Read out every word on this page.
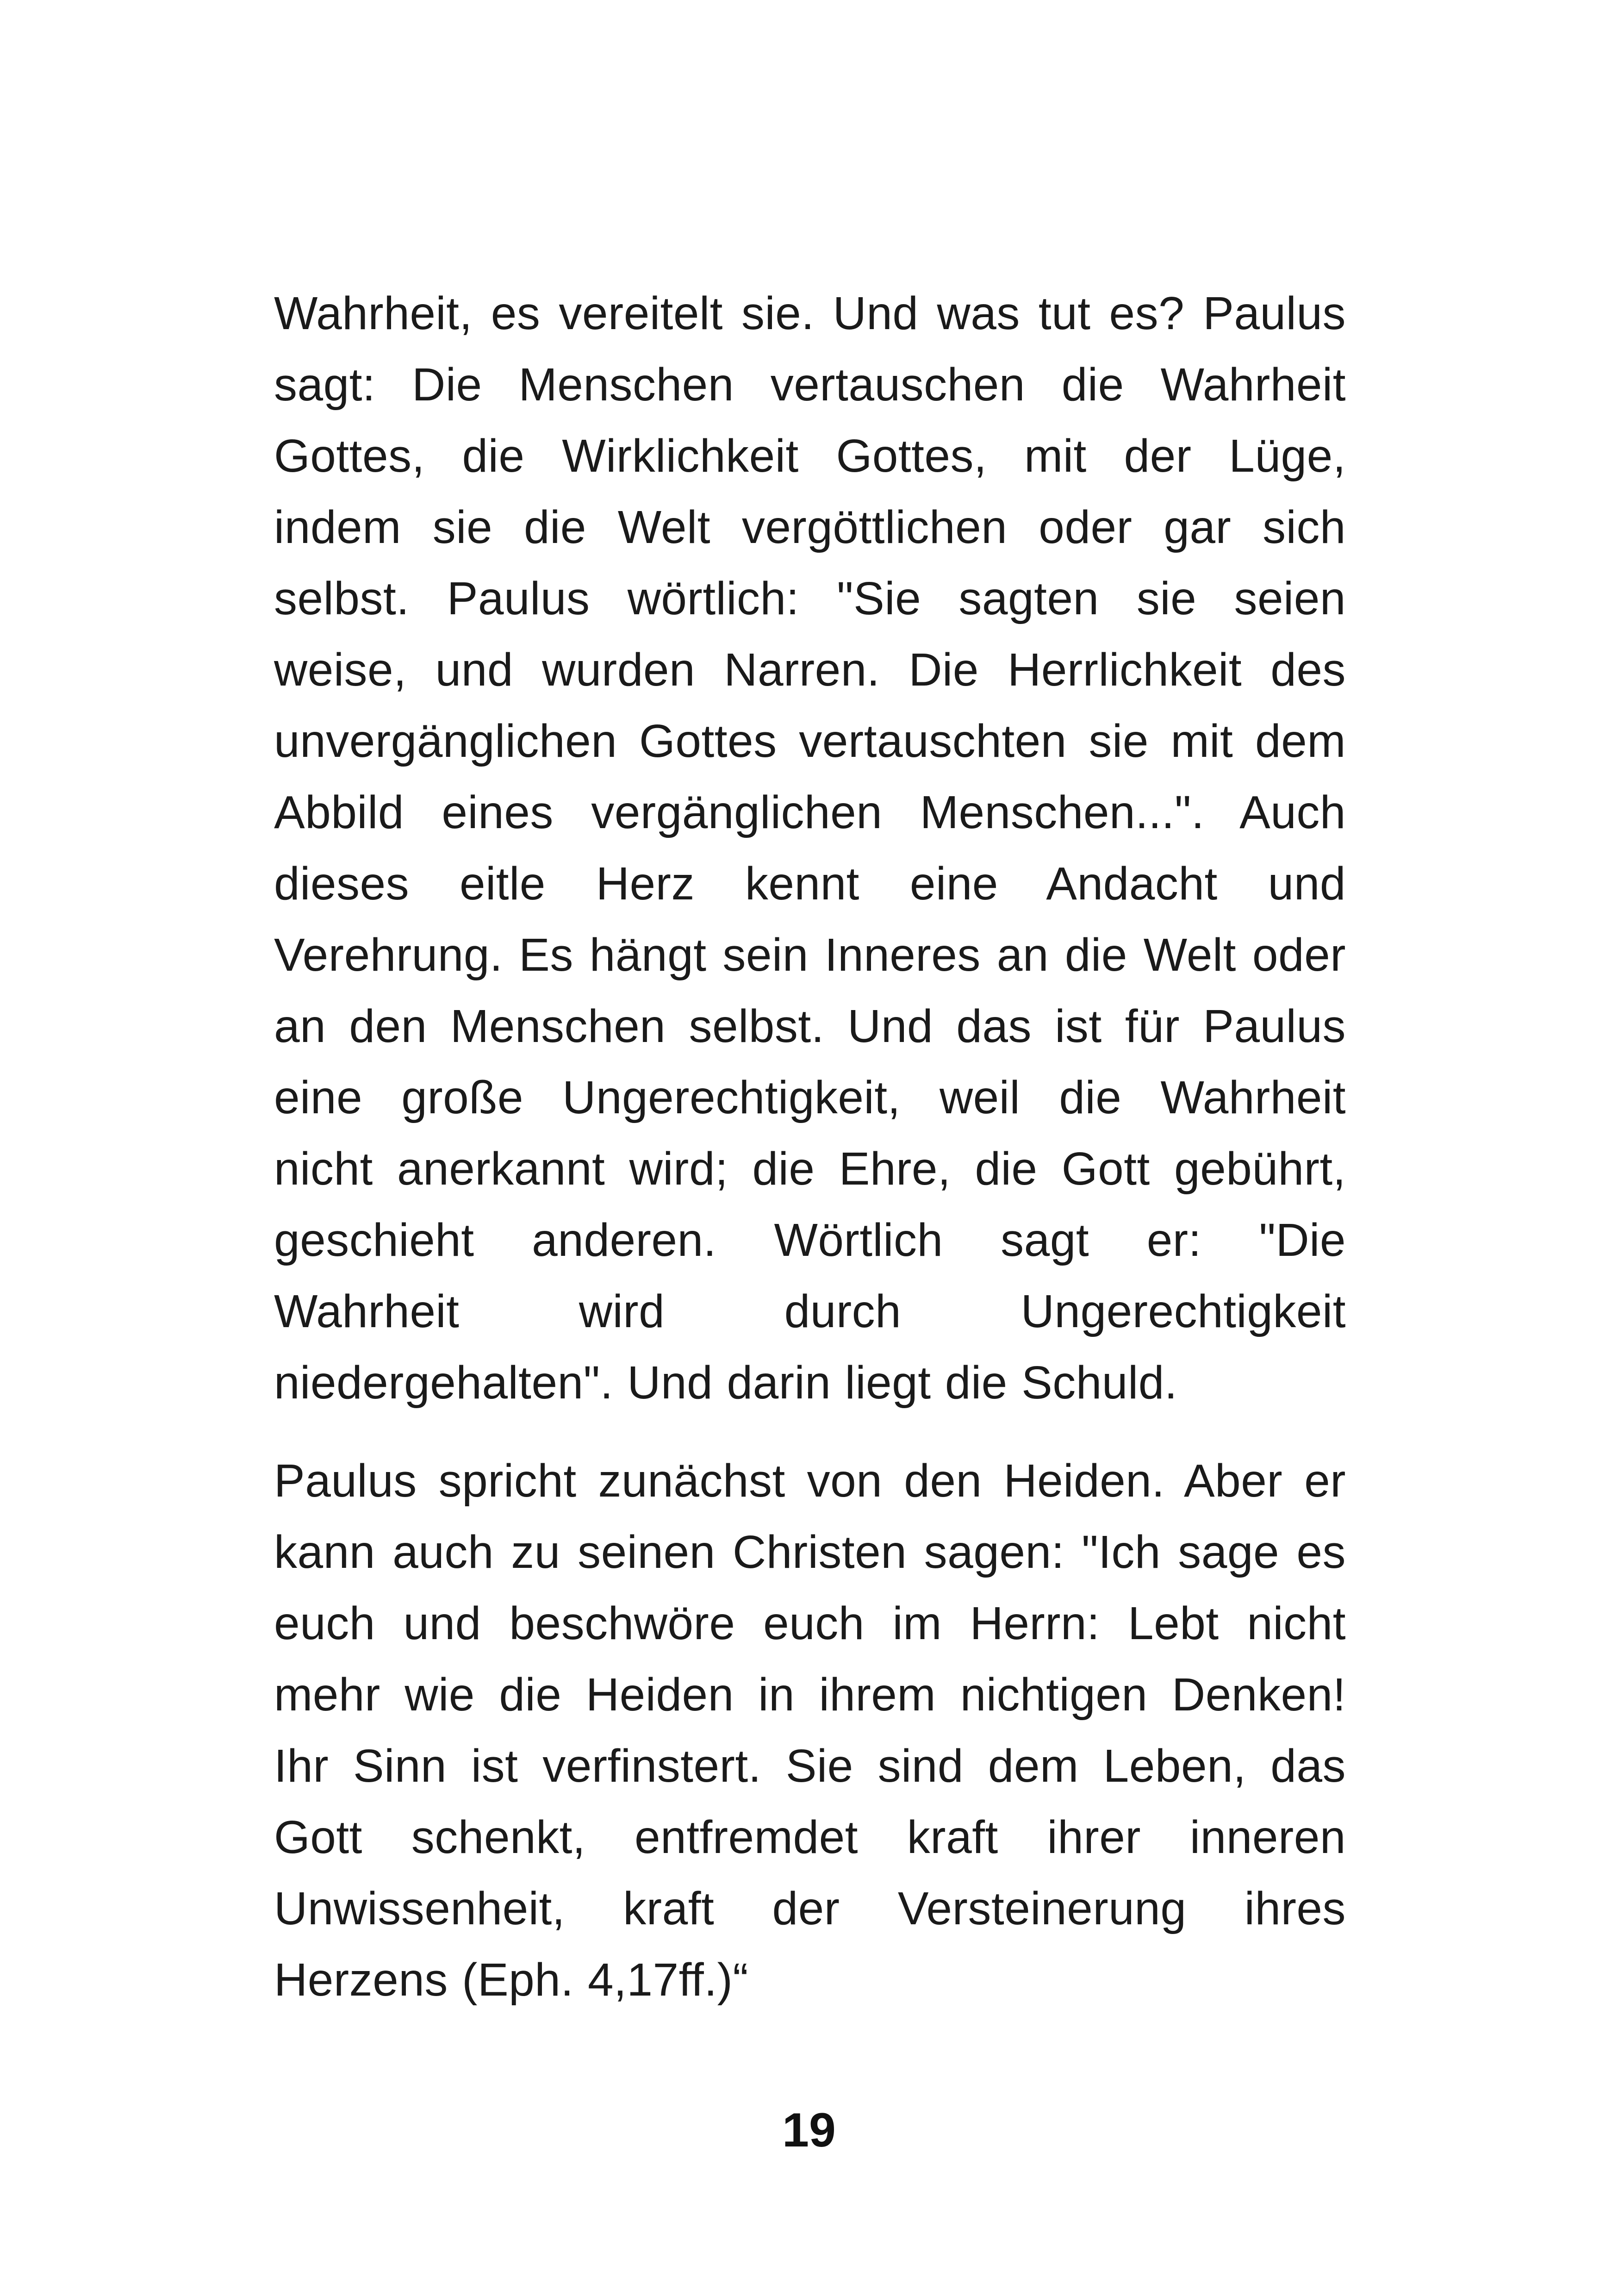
Wahrheit, es vereitelt sie. Und was tut es? Paulus
sagt: Die Menschen vertauschen die Wahrheit
Gottes, die Wirklichkeit Gottes, mit der Lüge,
indem sie die Welt vergöttlichen oder gar sich
selbst. Paulus wörtlich: "Sie sagten sie seien
weise, und wurden Narren. Die Herrlichkeit des
unvergänglichen Gottes vertauschten sie mit dem
Abbild eines vergänglichen Menschen...". Auch
dieses eitle Herz kennt eine Andacht und
Verehrung. Es hängt sein Inneres an die Welt oder
an den Menschen selbst. Und das ist für Paulus
eine große Ungerechtigkeit, weil die Wahrheit
nicht anerkannt wird; die Ehre, die Gott gebührt,
geschieht anderen. Wörtlich sagt er: "Die
Wahrheit wird durch Ungerechtigkeit
niedergehalten". Und darin liegt die Schuld.
Paulus spricht zunächst von den Heiden. Aber er
kann auch zu seinen Christen sagen: "Ich sage es
euch und beschwöre euch im Herrn: Lebt nicht
mehr wie die Heiden in ihrem nichtigen Denken!
Ihr Sinn ist verfinstert. Sie sind dem Leben, das
Gott schenkt, entfremdet kraft ihrer inneren
Unwissenheit, kraft der Versteinerung ihres
Herzens (Eph. 4,17ff.)“
19
